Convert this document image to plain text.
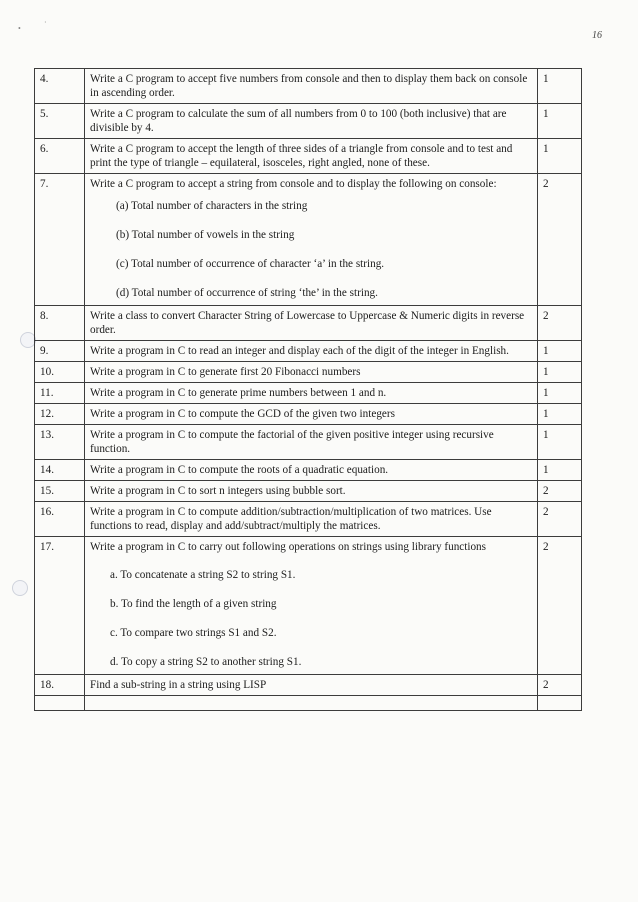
•
·
16
4.	Write a C program to accept five numbers from console and then to display them back on console in ascending order.	1
5.	Write a C program to calculate the sum of all numbers from 0 to 100 (both inclusive) that are divisible by 4.	1
6.	Write a C program to accept the length of three sides of a triangle from console and to test and print the type of triangle – equilateral, isosceles, right angled, none of these.	1
7.	Write a C program to accept a string from console and to display the following on console:
(a) Total number of characters in the string
(b) Total number of vowels in the string
(c) Total number of occurrence of character ‘a’ in the string.
(d) Total number of occurrence of string ‘the’ in the string.	2
8.	Write a class to convert Character String of Lowercase to Uppercase & Numeric digits in reverse order.	2
9.	Write a program in C to read an integer and display each of the digit of the integer in English.	1
10.	Write a program in C to generate first 20 Fibonacci numbers	1
11.	Write a program in C to generate prime numbers between 1 and n.	1
12.	Write a program in C to compute the GCD of the given two integers	1
13.	Write a program in C to compute the factorial of the given positive integer using recursive function.	1
14.	Write a program in C to compute the roots of a quadratic equation.	1
15.	Write a program in C to sort n integers using bubble sort.	2
16.	Write a program in C to compute addition/subtraction/multiplication of two matrices. Use functions to read, display and add/subtract/multiply the matrices.	2
17.	Write a program in C to carry out following operations on strings using library functions
a. To concatenate a string S2 to string S1.
b. To find the length of a given string
c. To compare two strings S1 and S2.
d. To copy a string S2 to another string S1.	2
18.	Find a sub-string in a string using LISP	2
